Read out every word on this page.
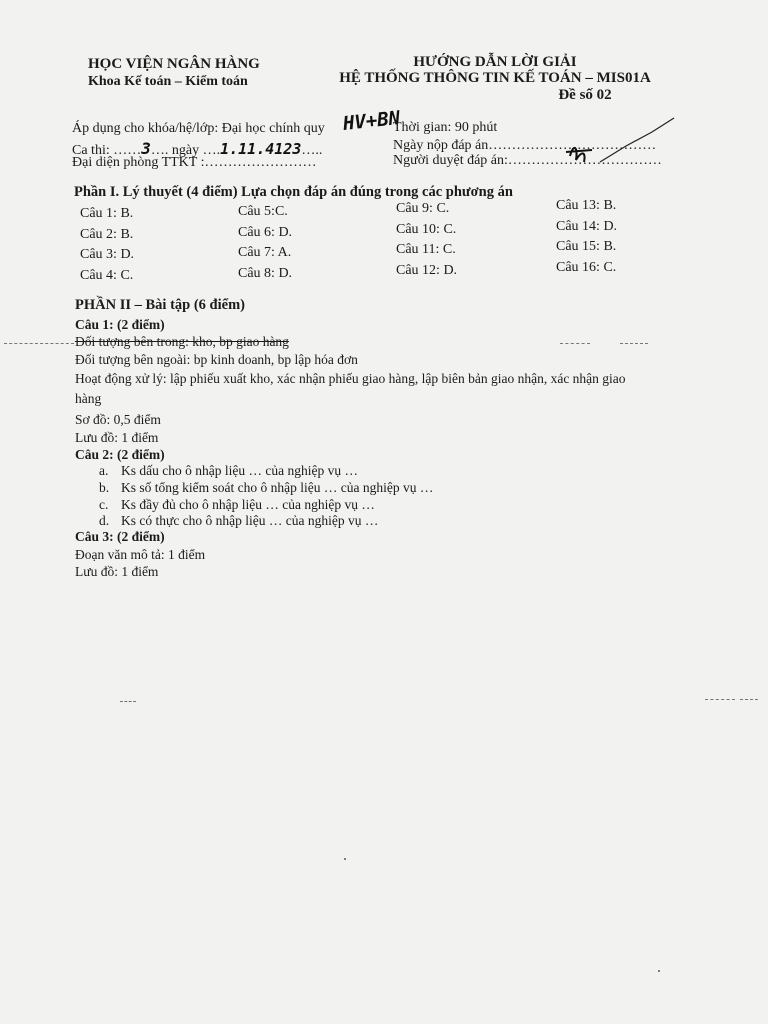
HỌC VIỆN NGÂN HÀNG
Khoa Kế toán – Kiểm toán
HƯỚNG DẪN LỜI GIẢI
HỆ THỐNG THÔNG TIN KẾ TOÁN – MIS01A
Đề số 02
Áp dụng cho khóa/hệ/lớp: Đại học chính quy HV+BN
Thời gian: 90 phút
Ca thi: ……3…. ngày ….1.11.4123…..	Ngày nộp đáp án………………………………
Đại diện phòng TTKT :……………………	Người duyệt đáp án:……………………………
Phần I. Lý thuyết (4 điểm) Lựa chọn đáp án đúng trong các phương án
Câu 1: B.
Câu 2: B.
Câu 3: D.
Câu 4: C.
Câu 5:C.
Câu 6: D.
Câu 7: A.
Câu 8: D.
Câu 9: C.
Câu 10: C.
Câu 11: C.
Câu 12: D.
Câu 13: B.
Câu 14: D.
Câu 15: B.
Câu 16: C.
PHẦN II – Bài tập (6 điểm)
Câu 1: (2 điểm)
Đối tượng bên trong: kho, bp giao hàng
Đối tượng bên ngoài: bp kinh doanh, bp lập hóa đơn
Hoạt động xử lý: lập phiếu xuất kho, xác nhận phiếu giao hàng, lập biên bản giao nhận, xác nhận giao
hàng
Sơ đồ: 0,5 điểm
Lưu đồ: 1 điểm
Câu 2: (2 điểm)
a. Ks dấu cho ô nhập liệu … của nghiệp vụ …
b. Ks số tổng kiểm soát cho ô nhập liệu … của nghiệp vụ …
c. Ks đầy đủ cho ô nhập liệu … của nghiệp vụ …
d. Ks có thực cho ô nhập liệu … của nghiệp vụ …
Câu 3: (2 điểm)
Đoạn văn mô tả: 1 điểm
Lưu đồ: 1 điểm
